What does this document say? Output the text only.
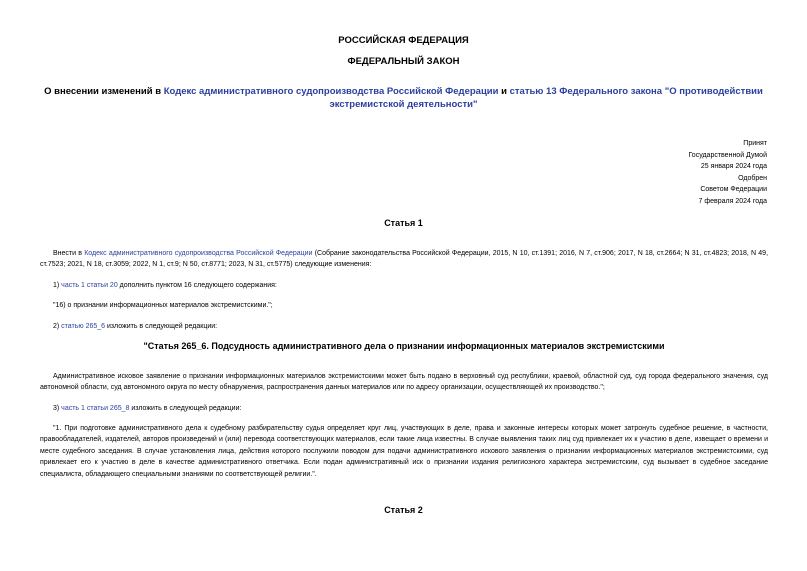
РОССИЙСКАЯ ФЕДЕРАЦИЯ
ФЕДЕРАЛЬНЫЙ ЗАКОН
О внесении изменений в Кодекс административного судопроизводства Российской Федерации и статью 13 Федерального закона "О противодействии экстремистской деятельности"
Принят
Государственной Думой
25 января 2024 года
Одобрен
Советом Федерации
7 февраля 2024 года
Статья 1
Внести в Кодекс административного судопроизводства Российской Федерации (Собрание законодательства Российской Федерации, 2015, N 10, ст.1391; 2016, N 7, ст.906; 2017, N 18, ст.2664; N 31, ст.4823; 2018, N 49, ст.7523; 2021, N 18, ст.3059; 2022, N 1, ст.9; N 50, ст.8771; 2023, N 31, ст.5775) следующие изменения:
1) часть 1 статьи 20 дополнить пунктом 16 следующего содержания:
"16) о признании информационных материалов экстремистскими.";
2) статью 265_6 изложить в следующей редакции:
"Статья 265_6. Подсудность административного дела о признании информационных материалов экстремистскими
Административное исковое заявление о признании информационных материалов экстремистскими может быть подано в верховный суд республики, краевой, областной суд, суд города федерального значения, суд автономной области, суд автономного округа по месту обнаружения, распространения данных материалов или по адресу организации, осуществляющей их производство.";
3) часть 1 статьи 265_8 изложить в следующей редакции:
"1. При подготовке административного дела к судебному разбирательству судья определяет круг лиц, участвующих в деле, права и законные интересы которых может затронуть судебное решение, в частности, правообладателей, издателей, авторов произведений и (или) перевода соответствующих материалов, если такие лица известны. В случае выявления таких лиц суд привлекает их к участию в деле, извещает о времени и месте судебного заседания. В случае установления лица, действия которого послужили поводом для подачи административного искового заявления о признании информационных материалов экстремистскими, суд привлекает его к участию в деле в качестве административного ответчика. Если подан административный иск о признании издания религиозного характера экстремистским, суд вызывает в судебное заседание специалиста, обладающего специальными знаниями по соответствующей религии.".
Статья 2
